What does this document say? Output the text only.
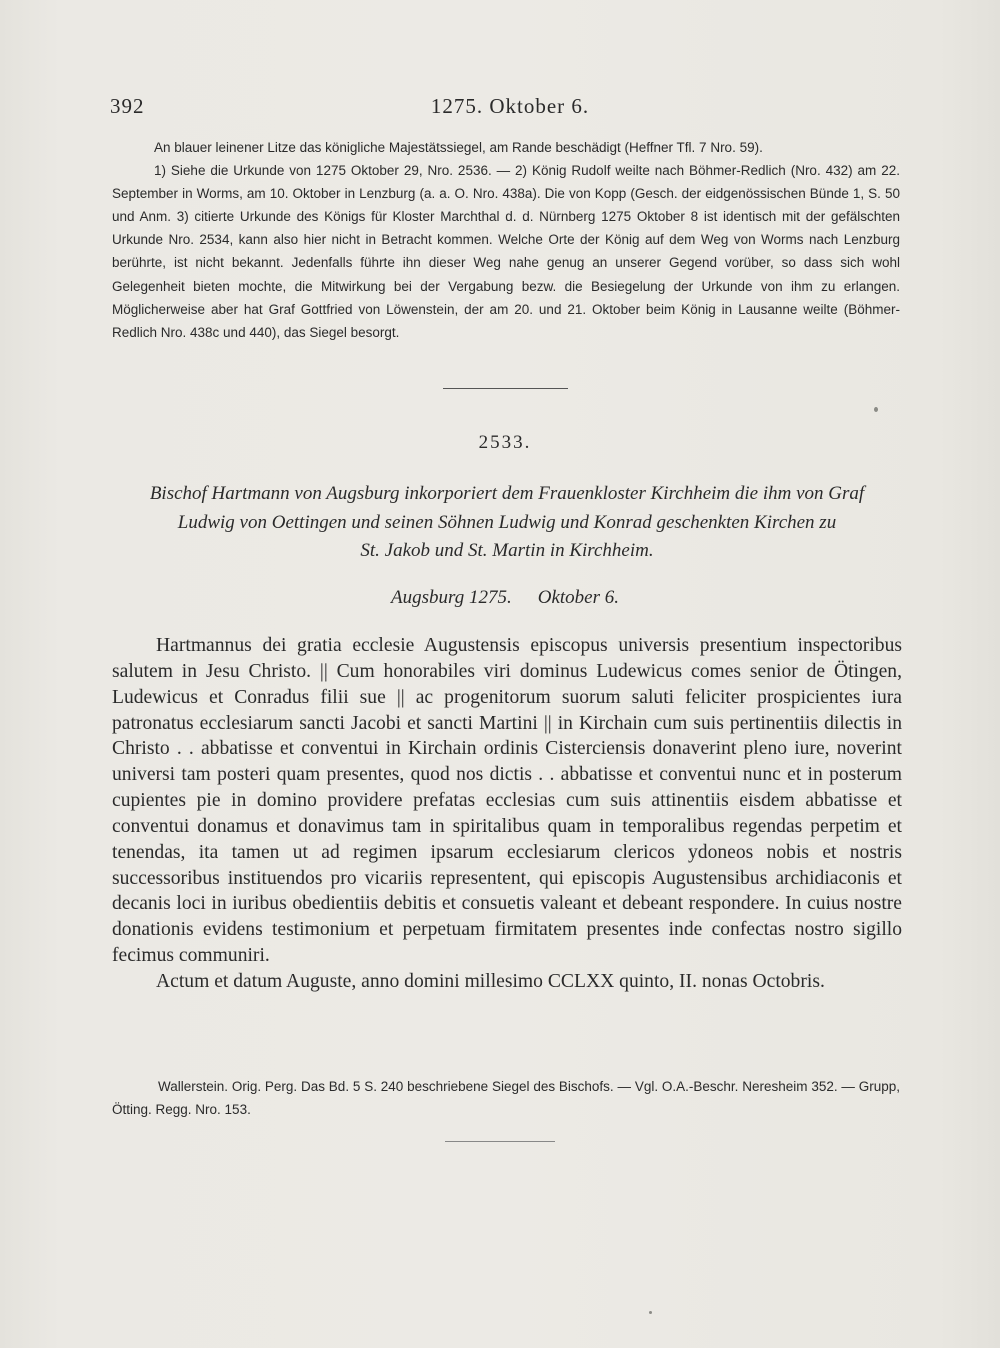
392	1275. Oktober 6.

An blauer leinener Litze das königliche Majestätssiegel, am Rande beschädigt (Heffner Tfl. 7 Nro. 59).

1) Siehe die Urkunde von 1275 Oktober 29, Nro. 2536. — 2) König Rudolf weilte nach Böhmer-Redlich (Nro. 432) am 22. September in Worms, am 10. Oktober in Lenzburg (a. a. O. Nro. 438a). Die von Kopp (Gesch. der eidgenössischen Bünde 1, S. 50 und Anm. 3) citierte Urkunde des Königs für Kloster Marchthal d. d. Nürnberg 1275 Oktober 8 ist identisch mit der gefälschten Urkunde Nro. 2534, kann also hier nicht in Betracht kommen. Welche Orte der König auf dem Weg von Worms nach Lenzburg berührte, ist nicht bekannt. Jedenfalls führte ihn dieser Weg nahe genug an unserer Gegend vorüber, so dass sich wohl Gelegenheit bieten mochte, die Mitwirkung bei der Vergabung bezw. die Besiegelung der Urkunde von ihm zu erlangen. Möglicherweise aber hat Graf Gottfried von Löwenstein, der am 20. und 21. Oktober beim König in Lausanne weilte (Böhmer-Redlich Nro. 438c und 440), das Siegel besorgt.

2533.
Bischof Hartmann von Augsburg inkorporiert dem Frauenkloster Kirchheim die ihm von Graf
Ludwig von Oettingen und seinen Söhnen Ludwig und Konrad geschenkten Kirchen zu
St. Jakob und St. Martin in Kirchheim.
Augsburg 1275. Oktober 6.

Hartmannus dei gratia ecclesie Augustensis episcopus universis presentium inspectoribus salutem in Jesu Christo. || Cum honorabiles viri dominus Ludewicus comes senior de Ötingen, Ludewicus et Conradus filii sue || ac progenitorum suorum saluti feliciter prospicientes iura patronatus ecclesiarum sancti Jacobi et sancti Martini || in Kirchain cum suis pertinentiis dilectis in Christo . . abbatisse et conventui in Kirchain ordinis Cisterciensis donaverint pleno iure, noverint universi tam posteri quam presentes, quod nos dictis . . abbatisse et conventui nunc et in posterum cupientes pie in domino providere prefatas ecclesias cum suis attinentiis eisdem abbatisse et conventui donamus et donavimus tam in spiritalibus quam in temporalibus regendas perpetim et tenendas, ita tamen ut ad regimen ipsarum ecclesiarum clericos ydoneos nobis et nostris successoribus instituendos pro vicariis representent, qui episcopis Augustensibus archidiaconis et decanis loci in iuribus obedientiis debitis et consuetis valeant et debeant respondere. In cuius nostre donationis evidens testimonium et perpetuam firmitatem presentes inde confectas nostro sigillo fecimus communiri.

Actum et datum Auguste, anno domini millesimo CCLXX quinto, II. nonas Octobris.

Wallerstein. Orig. Perg. Das Bd. 5 S. 240 beschriebene Siegel des Bischofs. — Vgl. O.A.-Beschr. Neresheim 352. — Grupp, Ötting. Regg. Nro. 153.
